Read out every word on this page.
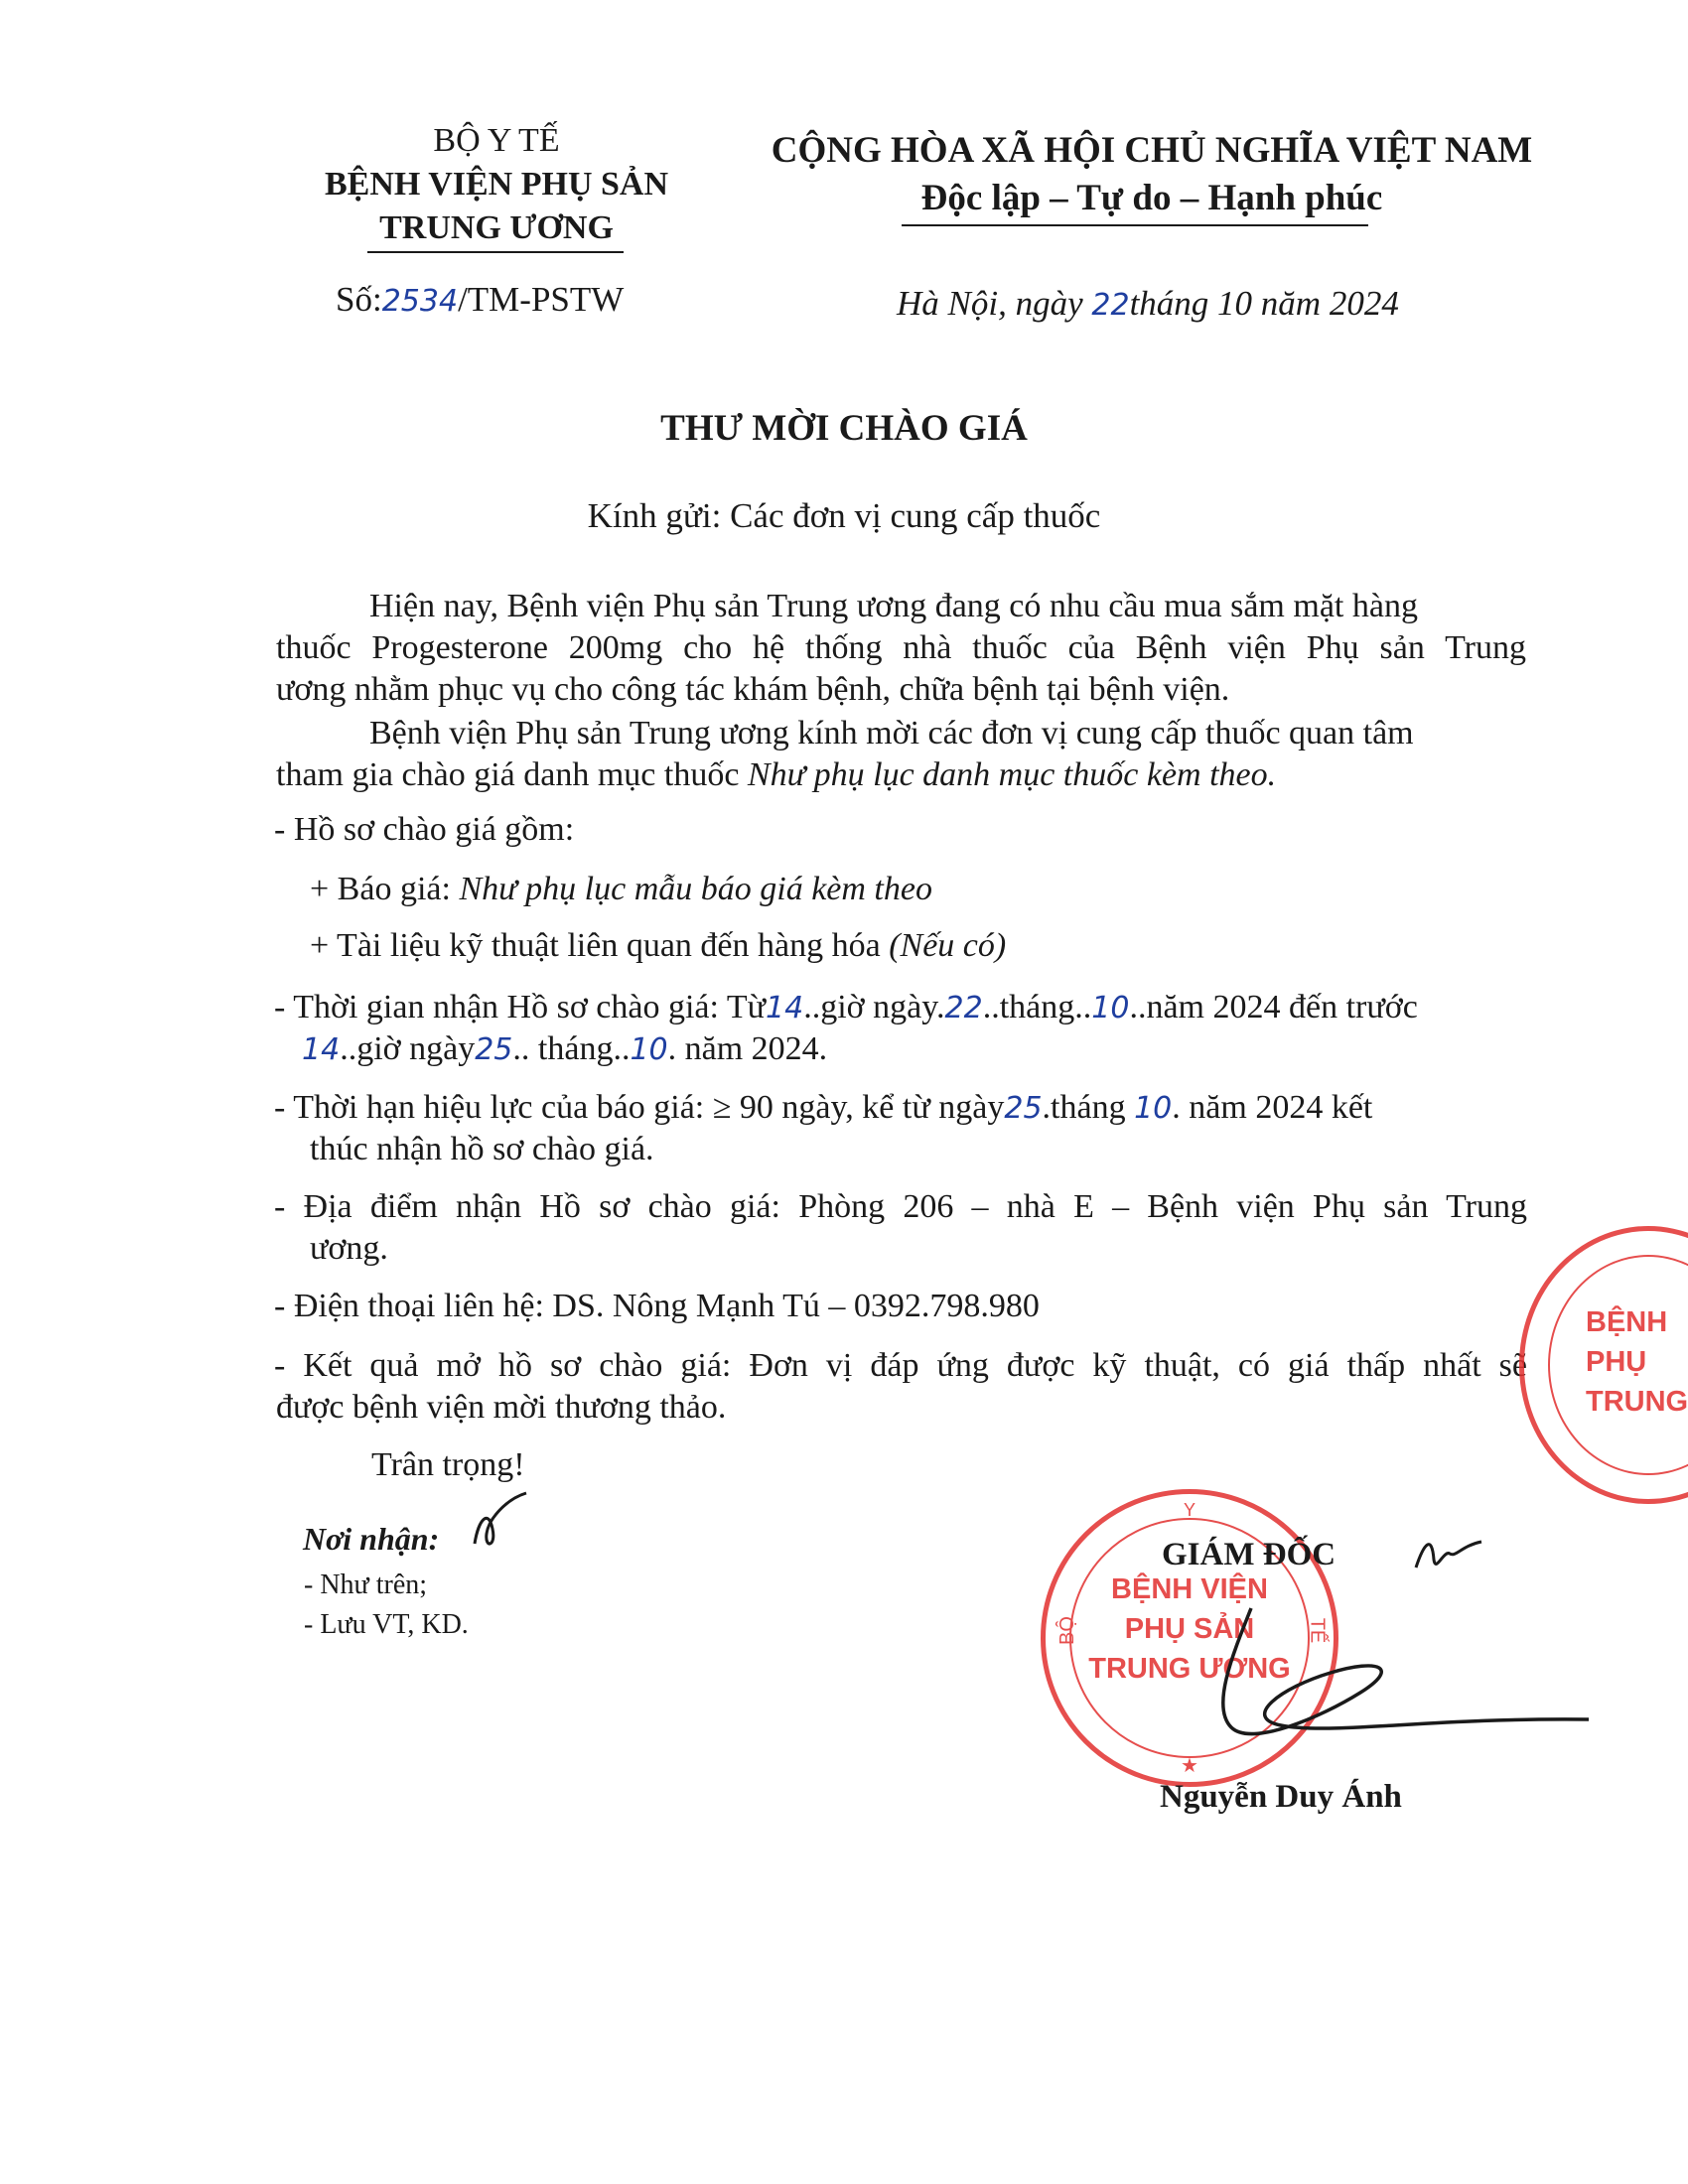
BỘ Y TẾ
BỆNH VIỆN PHỤ SẢN
TRUNG ƯƠNG
CỘNG HÒA XÃ HỘI CHỦ NGHĨA VIỆT NAM
Độc lập – Tự do – Hạnh phúc
Số:2534/TM-PSTW	Hà Nội, ngày 22tháng 10 năm 2024
THƯ MỜI CHÀO GIÁ
Kính gửi: Các đơn vị cung cấp thuốc
Hiện nay, Bệnh viện Phụ sản Trung ương đang có nhu cầu mua sắm mặt hàng
thuốc Progesterone 200mg cho hệ thống nhà thuốc của Bệnh viện Phụ sản Trung
ương nhằm phục vụ cho công tác khám bệnh, chữa bệnh tại bệnh viện.
Bệnh viện Phụ sản Trung ương kính mời các đơn vị cung cấp thuốc quan tâm
tham gia chào giá danh mục thuốc Như phụ lục danh mục thuốc kèm theo.
- Hồ sơ chào giá gồm:
+ Báo giá: Như phụ lục mẫu báo giá kèm theo
+ Tài liệu kỹ thuật liên quan đến hàng hóa (Nếu có)
- Thời gian nhận Hồ sơ chào giá: Từ14..giờ ngày.22..tháng..10..năm 2024 đến trước
14..giờ ngày25.. tháng..10. năm 2024.
- Thời hạn hiệu lực của báo giá: ≥ 90 ngày, kể từ ngày25.tháng 10. năm 2024 kết
thúc nhận hồ sơ chào giá.
- Địa điểm nhận Hồ sơ chào giá: Phòng 206 – nhà E – Bệnh viện Phụ sản Trung
ương.
- Điện thoại liên hệ: DS. Nông Mạnh Tú – 0392.798.980
- Kết quả mở hồ sơ chào giá: Đơn vị đáp ứng được kỹ thuật, có giá thấp nhất sẽ
được bệnh viện mời thương thảo.
Trân trọng!
Nơi nhận:
- Như trên;
- Lưu VT, KD.
BỆNH
PHỤ
TRUNG
Y
BỘ	TẾ
BỆNH VIỆN
PHỤ SẢN
TRUNG ƯƠNG
★
GIÁM ĐỐC
Nguyễn Duy Ánh
